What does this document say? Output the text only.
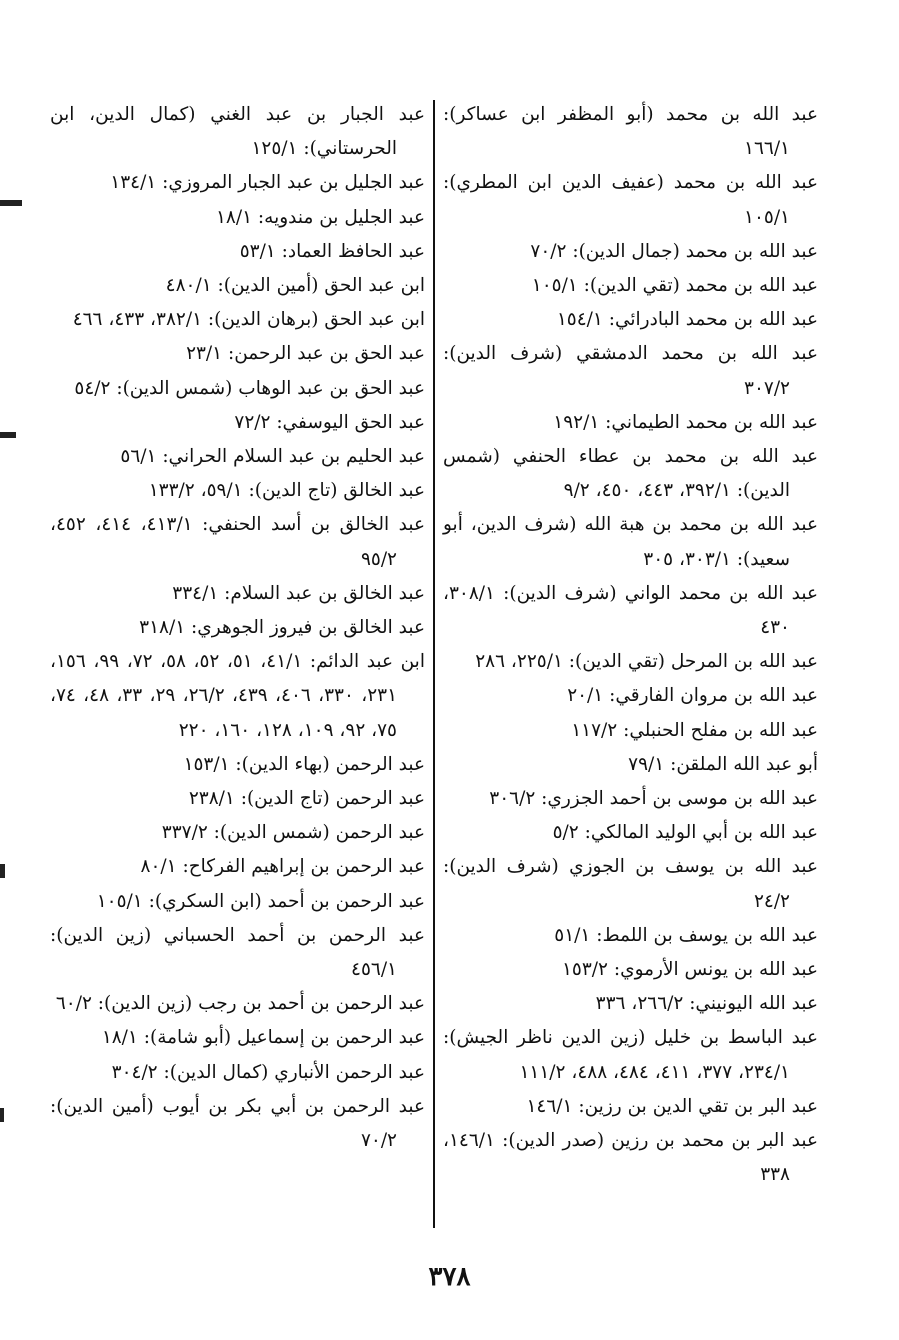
عبد الله بن محمد (أبو المظفر ابن عساكر): ١٦٦/١

عبد الله بن محمد (عفيف الدين ابن المطري): ١٠٥/١

عبد الله بن محمد (جمال الدين): ٧٠/٢

عبد الله بن محمد (تقي الدين): ١٠٥/١

عبد الله بن محمد البادرائي: ١٥٤/١

عبد الله بن محمد الدمشقي (شرف الدين): ٣٠٧/٢

عبد الله بن محمد الطيماني: ١٩٢/١

عبد الله بن محمد بن عطاء الحنفي (شمس الدين): ٣٩٢/١، ٤٤٣، ٤٥٠، ٩/٢

عبد الله بن محمد بن هبة الله (شرف الدين، أبو سعيد): ٣٠٣/١، ٣٠٥

عبد الله بن محمد الواني (شرف الدين): ٣٠٨/١، ٤٣٠

عبد الله بن المرحل (تقي الدين): ٢٢٥/١، ٢٨٦

عبد الله بن مروان الفارقي: ٢٠/١

عبد الله بن مفلح الحنبلي: ١١٧/٢

أبو عبد الله الملقن: ٧٩/١

عبد الله بن موسى بن أحمد الجزري: ٣٠٦/٢

عبد الله بن أبي الوليد المالكي: ٥/٢

عبد الله بن يوسف بن الجوزي (شرف الدين): ٢٤/٢

عبد الله بن يوسف بن اللمط: ٥١/١

عبد الله بن يونس الأرموي: ١٥٣/٢

عبد الله اليونيني: ٢٦٦/٢، ٣٣٦

عبد الباسط بن خليل (زين الدين ناظر الجيش): ٢٣٤/١، ٣٧٧، ٤١١، ٤٨٤، ٤٨٨، ١١١/٢

عبد البر بن تقي الدين بن رزين: ١٤٦/١

عبد البر بن محمد بن رزين (صدر الدين): ١٤٦/١، ٣٣٨

عبد الجبار بن عبد الغني (كمال الدين، ابن الحرستاني): ١٢٥/١

عبد الجليل بن عبد الجبار المروزي: ١٣٤/١

عبد الجليل بن مندويه: ١٨/١

عبد الحافظ العماد: ٥٣/١

ابن عبد الحق (أمين الدين): ٤٨٠/١

ابن عبد الحق (برهان الدين): ٣٨٢/١، ٤٣٣، ٤٦٦

عبد الحق بن عبد الرحمن: ٢٣/١

عبد الحق بن عبد الوهاب (شمس الدين): ٥٤/٢

عبد الحق اليوسفي: ٧٢/٢

عبد الحليم بن عبد السلام الحراني: ٥٦/١

عبد الخالق (تاج الدين): ٥٩/١، ١٣٣/٢

عبد الخالق بن أسد الحنفي: ٤١٣/١، ٤١٤، ٤٥٢، ٩٥/٢

عبد الخالق بن عبد السلام: ٣٣٤/١

عبد الخالق بن فيروز الجوهري: ٣١٨/١

ابن عبد الدائم: ٤١/١، ٥١، ٥٢، ٥٨، ٧٢، ٩٩، ١٥٦، ٢٣١، ٣٣٠، ٤٠٦، ٤٣٩، ٢٦/٢، ٢٩، ٣٣، ٤٨، ٧٤، ٧٥، ٩٢، ١٠٩، ١٢٨، ١٦٠، ٢٢٠

عبد الرحمن (بهاء الدين): ١٥٣/١

عبد الرحمن (تاج الدين): ٢٣٨/١

عبد الرحمن (شمس الدين): ٣٣٧/٢

عبد الرحمن بن إبراهيم الفركاح: ٨٠/١

عبد الرحمن بن أحمد (ابن السكري): ١٠٥/١

عبد الرحمن بن أحمد الحسباني (زين الدين): ٤٥٦/١

عبد الرحمن بن أحمد بن رجب (زين الدين): ٦٠/٢

عبد الرحمن بن إسماعيل (أبو شامة): ١٨/١

عبد الرحمن الأنباري (كمال الدين): ٣٠٤/٢

عبد الرحمن بن أبي بكر بن أيوب (أمين الدين): ٧٠/٢

٣٧٨
